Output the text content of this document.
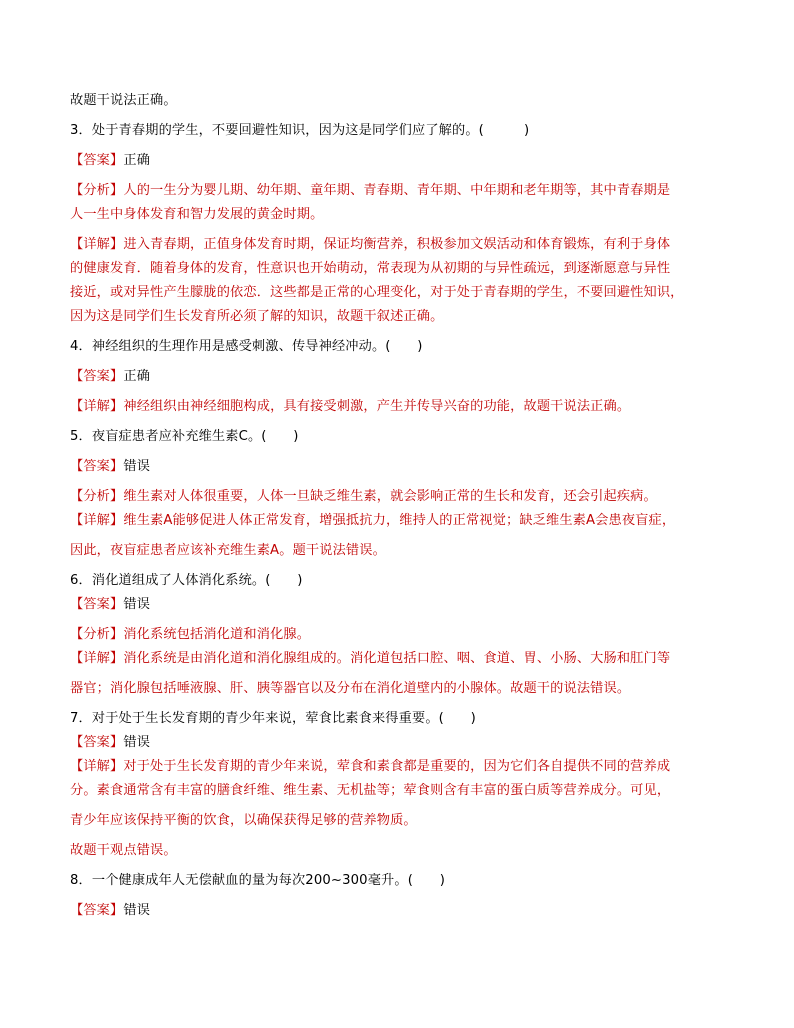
故题干说法正确。
3．处于青春期的学生，不要回避性知识，因为这是同学们应了解的。(　　　)
【答案】正确
【分析】人的一生分为婴儿期、幼年期、童年期、青春期、青年期、中年期和老年期等，其中青春期是
人一生中身体发育和智力发展的黄金时期。
【详解】进入青春期，正值身体发育时期，保证均衡营养，积极参加文娱活动和体育锻炼，有利于身体
的健康发育．随着身体的发育，性意识也开始萌动，常表现为从初期的与异性疏远，到逐渐愿意与异性
接近，或对异性产生朦胧的依恋．这些都是正常的心理变化，对于处于青春期的学生，不要回避性知识，
因为这是同学们生长发育所必须了解的知识，故题干叙述正确。
4．神经组织的生理作用是感受刺激、传导神经冲动。(　　)
【答案】正确
【详解】神经组织由神经细胞构成，具有接受刺激，产生并传导兴奋的功能，故题干说法正确。
5．夜盲症患者应补充维生素C。(　　)
【答案】错误
【分析】维生素对人体很重要，人体一旦缺乏维生素，就会影响正常的生长和发育，还会引起疾病。
【详解】维生素A能够促进人体正常发育，增强抵抗力，维持人的正常视觉；缺乏维生素A会患夜盲症，
因此，夜盲症患者应该补充维生素A。题干说法错误。
6．消化道组成了人体消化系统。(　　)
【答案】错误
【分析】消化系统包括消化道和消化腺。
【详解】消化系统是由消化道和消化腺组成的。消化道包括口腔、咽、食道、胃、小肠、大肠和肛门等
器官；消化腺包括唾液腺、肝、胰等器官以及分布在消化道壁内的小腺体。故题干的说法错误。
7．对于处于生长发育期的青少年来说，荤食比素食来得重要。(　　)
【答案】错误
【详解】对于处于生长发育期的青少年来说，荤食和素食都是重要的，因为它们各自提供不同的营养成
分。素食通常含有丰富的膳食纤维、维生素、无机盐等；荤食则含有丰富的蛋白质等营养成分。可见，
青少年应该保持平衡的饮食，以确保获得足够的营养物质。
故题干观点错误。
8．一个健康成年人无偿献血的量为每次200~300毫升。(　　)
【答案】错误
